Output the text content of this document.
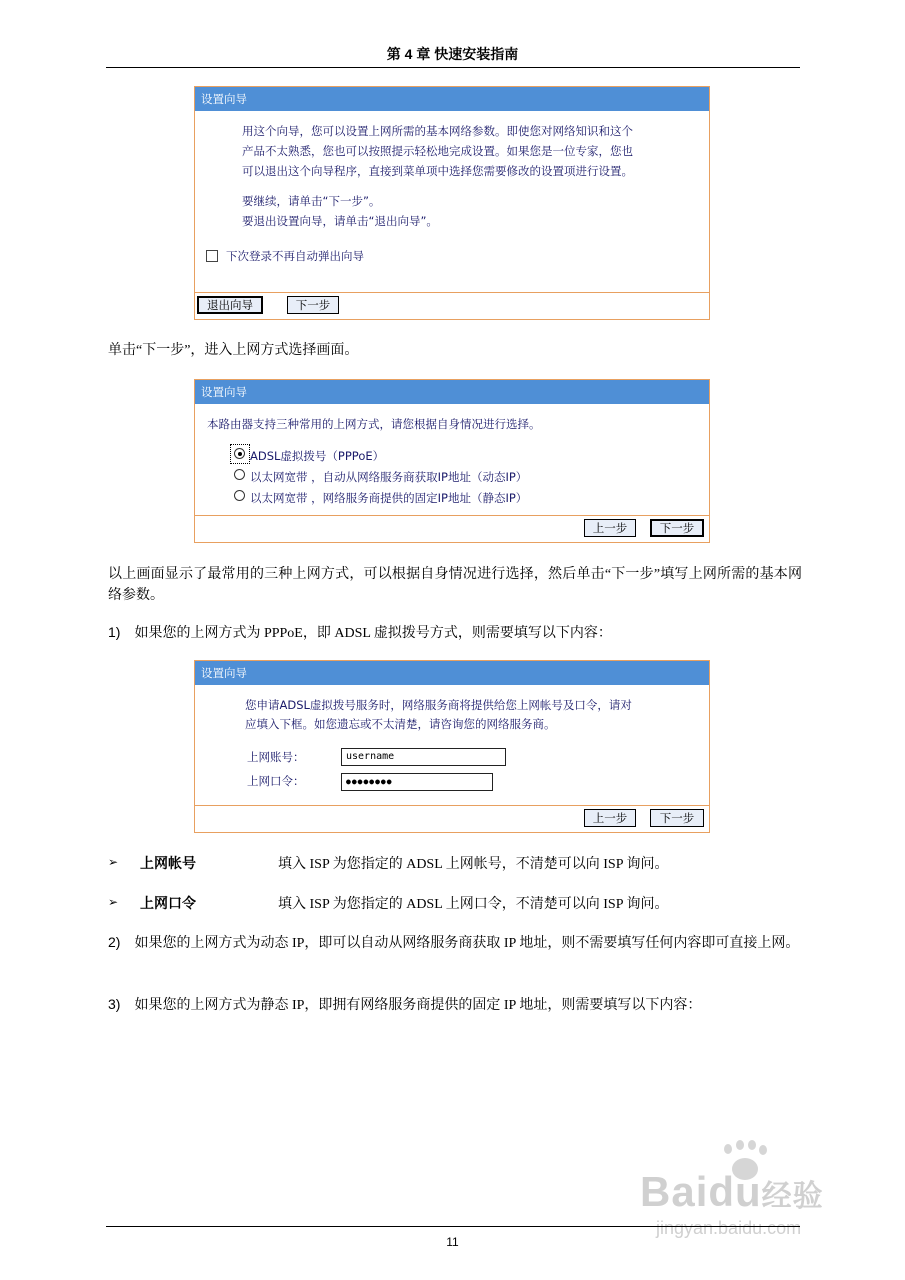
第 4 章 快速安装指南
设置向导
用这个向导，您可以设置上网所需的基本网络参数。即使您对网络知识和这个
产品不太熟悉，您也可以按照提示轻松地完成设置。如果您是一位专家，您也
可以退出这个向导程序，直接到菜单项中选择您需要修改的设置项进行设置。
要继续，请单击“下一步”。
要退出设置向导，请单击“退出向导”。
下次登录不再自动弹出向导
退出向导	下一步
单击“下一步”，进入上网方式选择画面。
设置向导
本路由器支持三种常用的上网方式，请您根据自身情况进行选择。
ADSL虚拟拨号（PPPoE）
以太网宽带 ，自动从网络服务商获取IP地址（动态IP）
以太网宽带 ，网络服务商提供的固定IP地址（静态IP）
上一步	下一步
以上画面显示了最常用的三种上网方式，可以根据自身情况进行选择，然后单击“下一步”填写上网所需的基本网络参数。
1) 如果您的上网方式为 PPPoE，即 ADSL 虚拟拨号方式，则需要填写以下内容：
设置向导
您申请ADSL虚拟拨号服务时，网络服务商将提供给您上网帐号及口令，请对
应填入下框。如您遗忘或不太清楚，请咨询您的网络服务商。
上网账号：	username
上网口令：	●●●●●●●●
上一步	下一步
➢ 上网帐号	填入 ISP 为您指定的 ADSL 上网帐号，不清楚可以向 ISP 询问。
➢ 上网口令	填入 ISP 为您指定的 ADSL 上网口令，不清楚可以向 ISP 询问。
2) 如果您的上网方式为动态 IP，即可以自动从网络服务商获取 IP 地址，则不需要填写任何内容即可直接上网。
3) 如果您的上网方式为静态 IP，即拥有网络服务商提供的固定 IP 地址，则需要填写以下内容：
Baidu经验
jingyan.baidu.com
11
